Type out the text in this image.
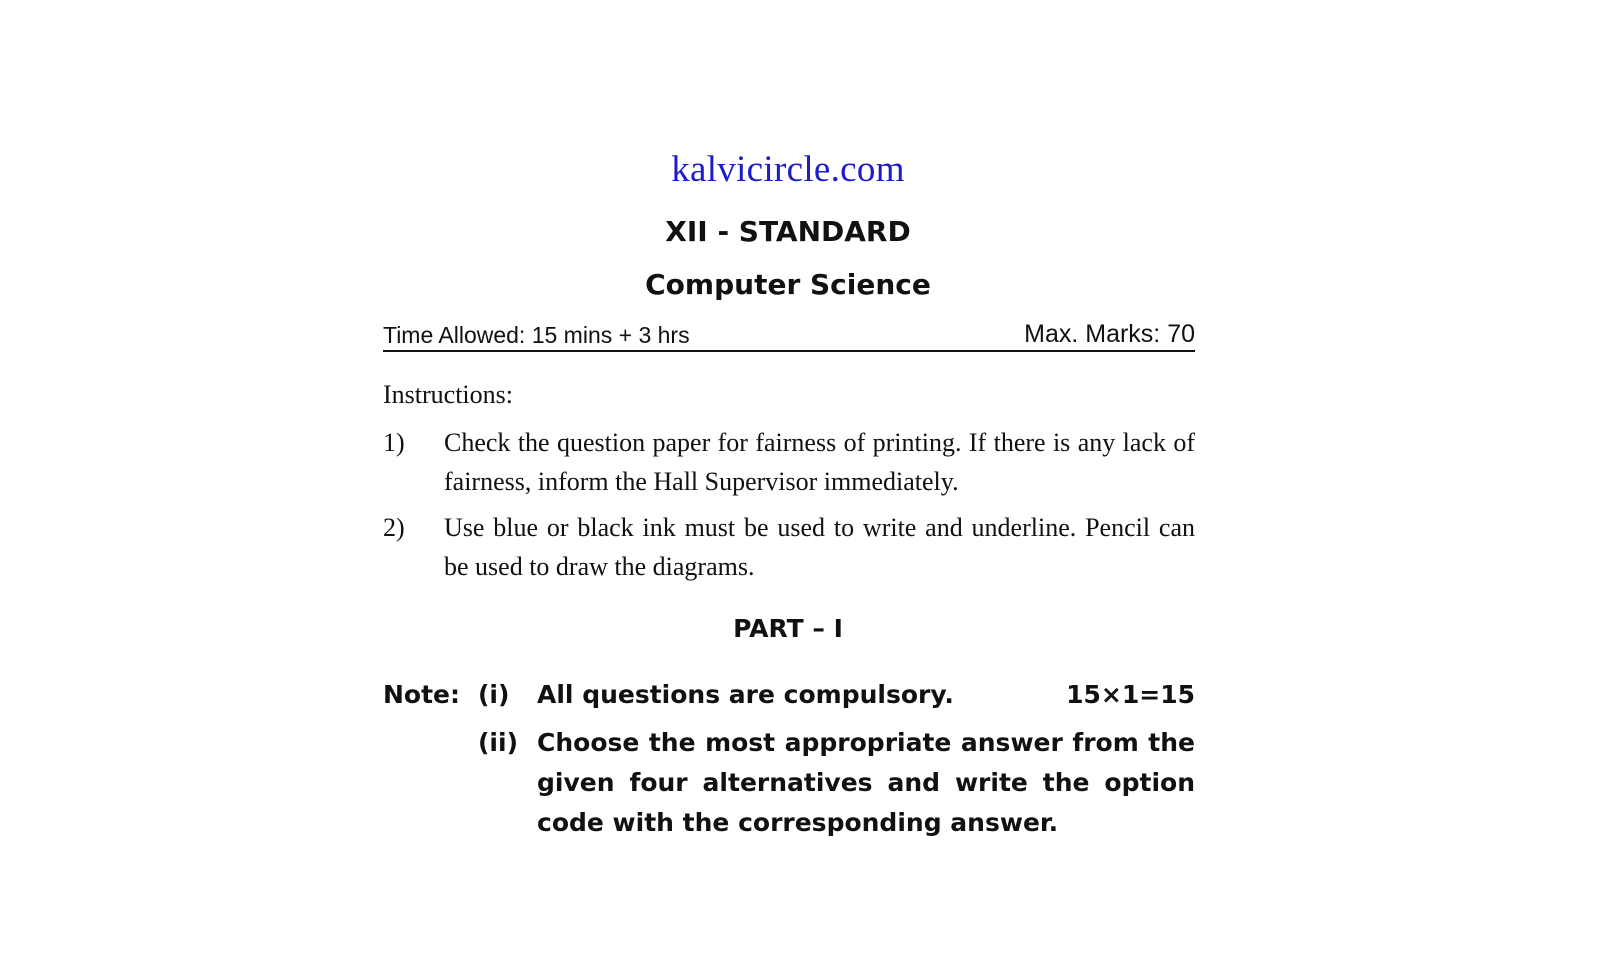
kalvicircle.com
XII - STANDARD
Computer Science
Time Allowed: 15 mins + 3 hrs	Max. Marks: 70
Instructions:
1) Check the question paper for fairness of printing. If there is any lack of fairness, inform the Hall Supervisor immediately.
2) Use blue or black ink must be used to write and underline. Pencil can be used to draw the diagrams.
PART – I
Note: (i) All questions are compulsory.	15×1=15
(ii) Choose the most appropriate answer from the given four alternatives and write the option code with the corresponding answer.
